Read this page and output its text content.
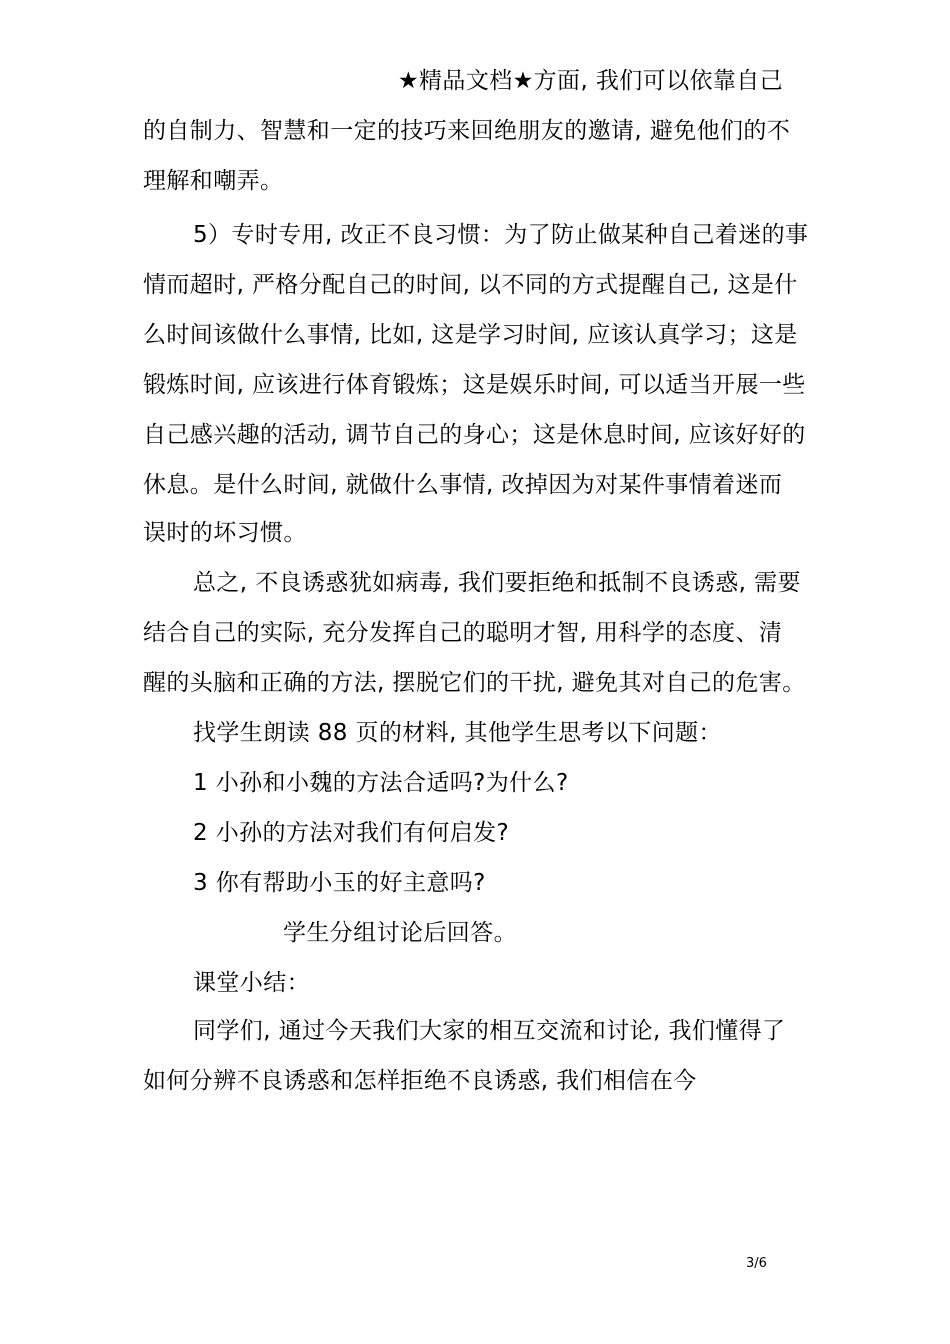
★精品文档★方面, 我们可以依靠自己
的自制力、智慧和一定的技巧来回绝朋友的邀请, 避免他们的不
理解和嘲弄。
5）专时专用, 改正不良习惯：为了防止做某种自己着迷的事
情而超时, 严格分配自己的时间, 以不同的方式提醒自己, 这是什
么时间该做什么事情, 比如, 这是学习时间, 应该认真学习；这是
锻炼时间, 应该进行体育锻炼；这是娱乐时间, 可以适当开展一些
自己感兴趣的活动, 调节自己的身心；这是休息时间, 应该好好的
休息。是什么时间, 就做什么事情, 改掉因为对某件事情着迷而
误时的坏习惯。
总之, 不良诱惑犹如病毒, 我们要拒绝和抵制不良诱惑, 需要
结合自己的实际, 充分发挥自己的聪明才智, 用科学的态度、清
醒的头脑和正确的方法, 摆脱它们的干扰, 避免其对自己的危害。
找学生朗读 88 页的材料, 其他学生思考以下问题：
1 小孙和小魏的方法合适吗?为什么?
2 小孙的方法对我们有何启发?
3 你有帮助小玉的好主意吗?
学生分组讨论后回答。
课堂小结：
同学们, 通过今天我们大家的相互交流和讨论, 我们懂得了
如何分辨不良诱惑和怎样拒绝不良诱惑, 我们相信在今
3/6
